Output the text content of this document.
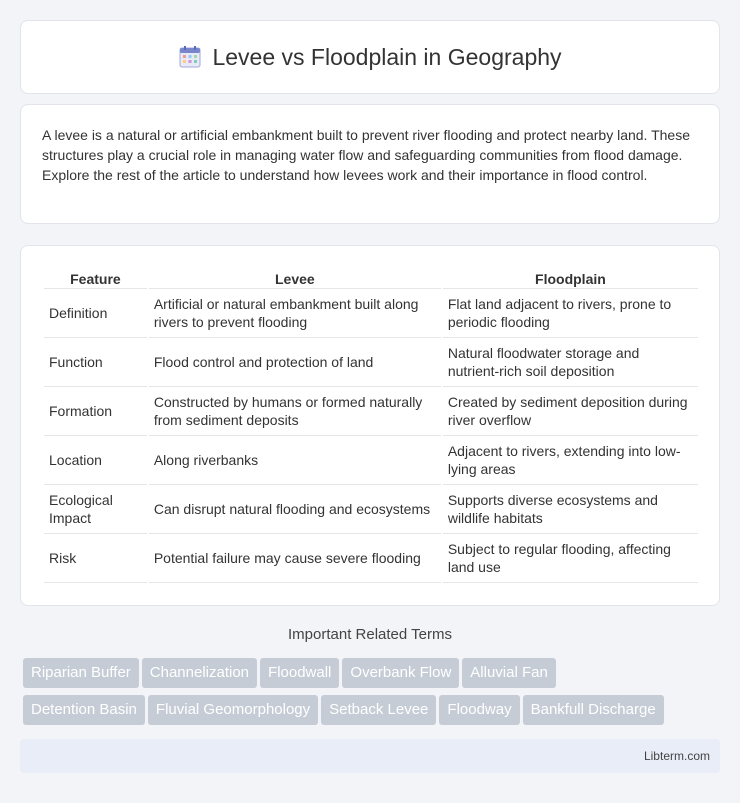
Levee vs Floodplain in Geography
A levee is a natural or artificial embankment built to prevent river flooding and protect nearby land. These structures play a crucial role in managing water flow and safeguarding communities from flood damage. Explore the rest of the article to understand how levees work and their importance in flood control.
Feature	Levee	Floodplain
Definition	Artificial or natural embankment built along rivers to prevent flooding	Flat land adjacent to rivers, prone to periodic flooding
Function	Flood control and protection of land	Natural floodwater storage and nutrient-rich soil deposition
Formation	Constructed by humans or formed naturally from sediment deposits	Created by sediment deposition during river overflow
Location	Along riverbanks	Adjacent to rivers, extending into low-lying areas
Ecological Impact	Can disrupt natural flooding and ecosystems	Supports diverse ecosystems and wildlife habitats
Risk	Potential failure may cause severe flooding	Subject to regular flooding, affecting land use
Important Related Terms
Riparian Buffer Channelization Floodwall Overbank Flow Alluvial Fan
Detention Basin Fluvial Geomorphology Setback Levee Floodway Bankfull Discharge
Libterm.com
